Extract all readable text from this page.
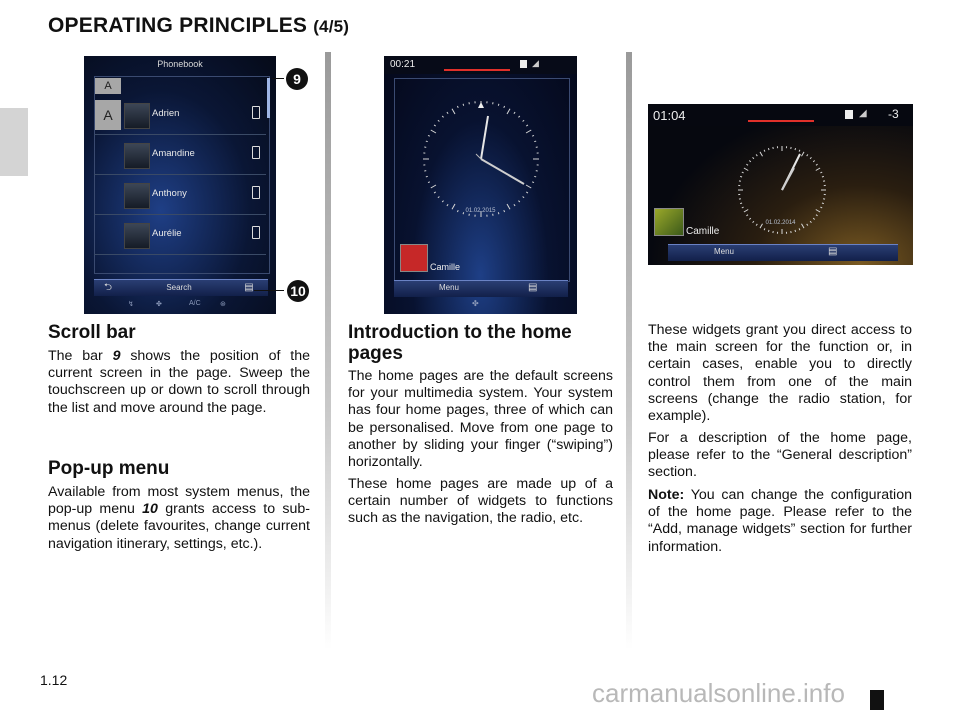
OPERATING PRINCIPLES (4/5)
Phonebook
A
A	Adrien
Amandine
Anthony
Aurélie
⮌	Search	▤
↯	✤	A/C	⊛
9
10
00:21	◢
01.02.2015
Camille
Menu	▤
✤
01:04	◢ -3
01.02.2014
Camille
Menu	▤
Scroll bar
The bar 9 shows the position of the current screen in the page. Sweep the touchscreen up or down to scroll through the list and move around the page.
Pop-up menu
Available from most system menus, the pop-up menu 10 grants access to sub-menus (delete favourites, change current navigation itinerary, settings, etc.).
Introduction to the home pages
The home pages are the default screens for your multimedia system. Your system has four home pages, three of which can be personalised. Move from one page to another by sliding your finger (“swiping”) horizontally.
These home pages are made up of a certain number of widgets to functions such as the navigation, the radio, etc.
These widgets grant you direct access to the main screen for the function or, in certain cases, enable you to directly control them from one of the main screens (change the radio station, for example).
For a description of the home page, please refer to the “General description” section.
Note: You can change the configuration of the home page. Please refer to the “Add, manage widgets” section for further information.
1.12	carmanualsonline.info
